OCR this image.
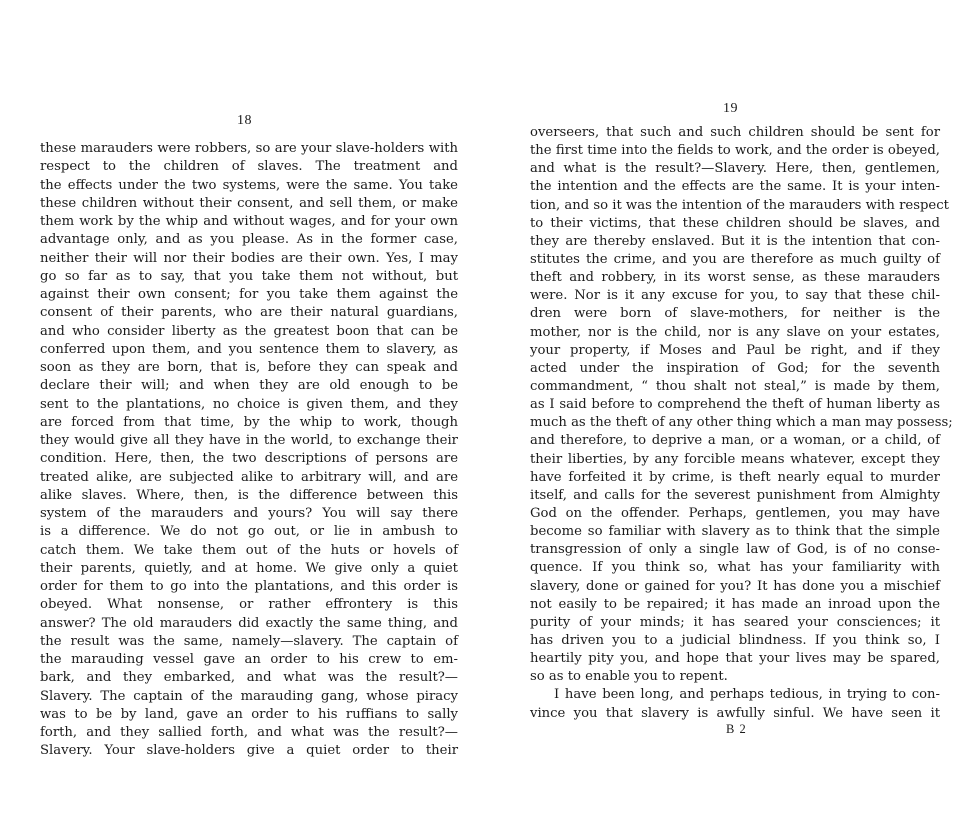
18
these marauders were robbers, so are your slave-holders with
respect to the children of slaves. The treatment and
the effects under the two systems, were the same. You take
these children without their consent, and sell them, or make
them work by the whip and without wages, and for your own
advantage only, and as you please. As in the former case,
neither their will nor their bodies are their own. Yes, I may
go so far as to say, that you take them not without, but
against their own consent; for you take them against the
consent of their parents, who are their natural guardians,
and who consider liberty as the greatest boon that can be
conferred upon them, and you sentence them to slavery, as
soon as they are born, that is, before they can speak and
declare their will; and when they are old enough to be
sent to the plantations, no choice is given them, and they
are forced from that time, by the whip to work, though
they would give all they have in the world, to exchange their
condition. Here, then, the two descriptions of persons are
treated alike, are subjected alike to arbitrary will, and are
alike slaves. Where, then, is the difference between this
system of the marauders and yours? You will say there
is a difference. We do not go out, or lie in ambush to
catch them. We take them out of the huts or hovels of
their parents, quietly, and at home. We give only a quiet
order for them to go into the plantations, and this order is
obeyed. What nonsense, or rather effrontery is this
answer? The old marauders did exactly the same thing, and
the result was the same, namely—slavery. The captain of
the marauding vessel gave an order to his crew to em-
bark, and they embarked, and what was the result?—
Slavery. The captain of the marauding gang, whose piracy
was to be by land, gave an order to his ruffians to sally
forth, and they sallied forth, and what was the result?—
Slavery. Your slave-holders give a quiet order to their
19
overseers, that such and such children should be sent for
the first time into the fields to work, and the order is obeyed,
and what is the result?—Slavery. Here, then, gentlemen,
the intention and the effects are the same. It is your inten-
tion, and so it was the intention of the marauders with respect
to their victims, that these children should be slaves, and
they are thereby enslaved. But it is the intention that con-
stitutes the crime, and you are therefore as much guilty of
theft and robbery, in its worst sense, as these marauders
were. Nor is it any excuse for you, to say that these chil-
dren were born of slave-mothers, for neither is the
mother, nor is the child, nor is any slave on your estates,
your property, if Moses and Paul be right, and if they
acted under the inspiration of God; for the seventh
commandment, “ thou shalt not steal,” is made by them,
as I said before to comprehend the theft of human liberty as
much as the theft of any other thing which a man may possess;
and therefore, to deprive a man, or a woman, or a child, of
their liberties, by any forcible means whatever, except they
have forfeited it by crime, is theft nearly equal to murder
itself, and calls for the severest punishment from Almighty
God on the offender. Perhaps, gentlemen, you may have
become so familiar with slavery as to think that the simple
transgression of only a single law of God, is of no conse-
quence. If you think so, what has your familiarity with
slavery, done or gained for you? It has done you a mischief
not easily to be repaired; it has made an inroad upon the
purity of your minds; it has seared your consciences; it
has driven you to a judicial blindness. If you think so, I
heartily pity you, and hope that your lives may be spared,
so as to enable you to repent.
I have been long, and perhaps tedious, in trying to con-
vince you that slavery is awfully sinful. We have seen it
B 2
